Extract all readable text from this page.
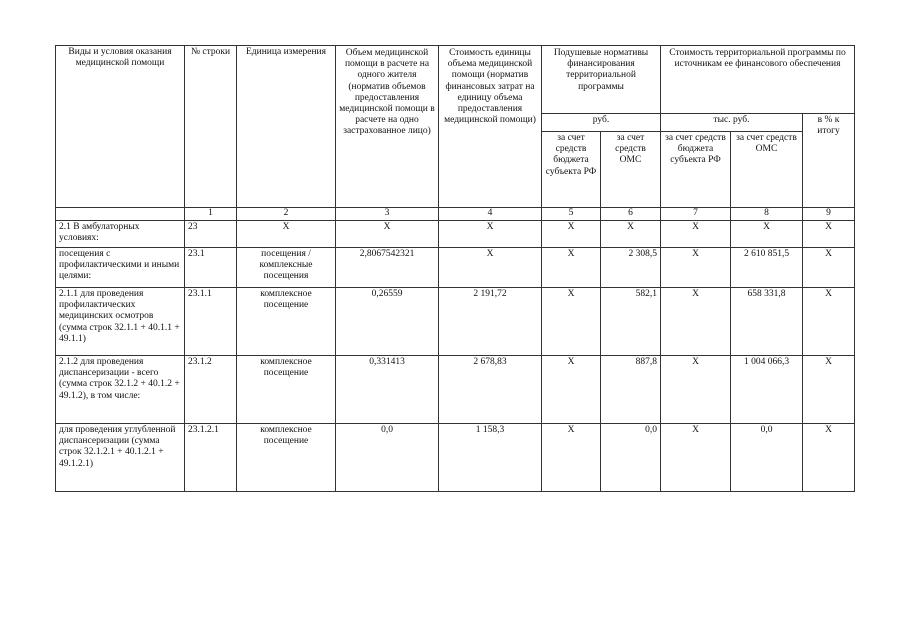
Виды и условия оказания медицинской помощи	№ строки	Единица измерения	Объем медицинской помощи в расчете на одного жителя (норматив объемов предоставления медицинской помощи в расчете на одно застрахованное лицо)	Стоимость единицы объема медицинской помощи (норматив финансовых затрат на единицу объема предоставления медицинской помощи)	Подушевые нормативы финансирования территориальной программы		Стоимость территориальной программы по источникам ее финансового обеспечения		
					руб.		тыс. руб.		в % к итогу
					за счет средств бюджета субъекта РФ	за счет средств ОМС	за счет средств бюджета субъекта РФ	за счет средств ОМС	
	1	2	3	4	5	6	7	8	9
2.1 В амбулаторных условиях:	23	Х	Х	Х	Х	Х	Х	Х	Х
посещения с профилактическими и иными целями:	23.1	посещения / комплексные посещения	2,8067542321	Х	Х	2 308,5	Х	2 610 851,5	Х
2.1.1 для проведения профилактических медицинских осмотров (сумма строк 32.1.1 + 40.1.1 + 49.1.1)	23.1.1	комплексное посещение	0,26559	2 191,72	Х	582,1	Х	658 331,8	Х
2.1.2 для проведения диспансеризации - всего (сумма строк 32.1.2 + 40.1.2 + 49.1.2), в том числе:	23.1.2	комплексное посещение	0,331413	2 678,83	Х	887,8	Х	1 004 066,3	Х
для проведения углубленной диспансеризации (сумма строк 32.1.2.1 + 40.1.2.1 + 49.1.2.1)	23.1.2.1	комплексное посещение	0,0	1 158,3	Х	0,0	Х	0,0	Х
